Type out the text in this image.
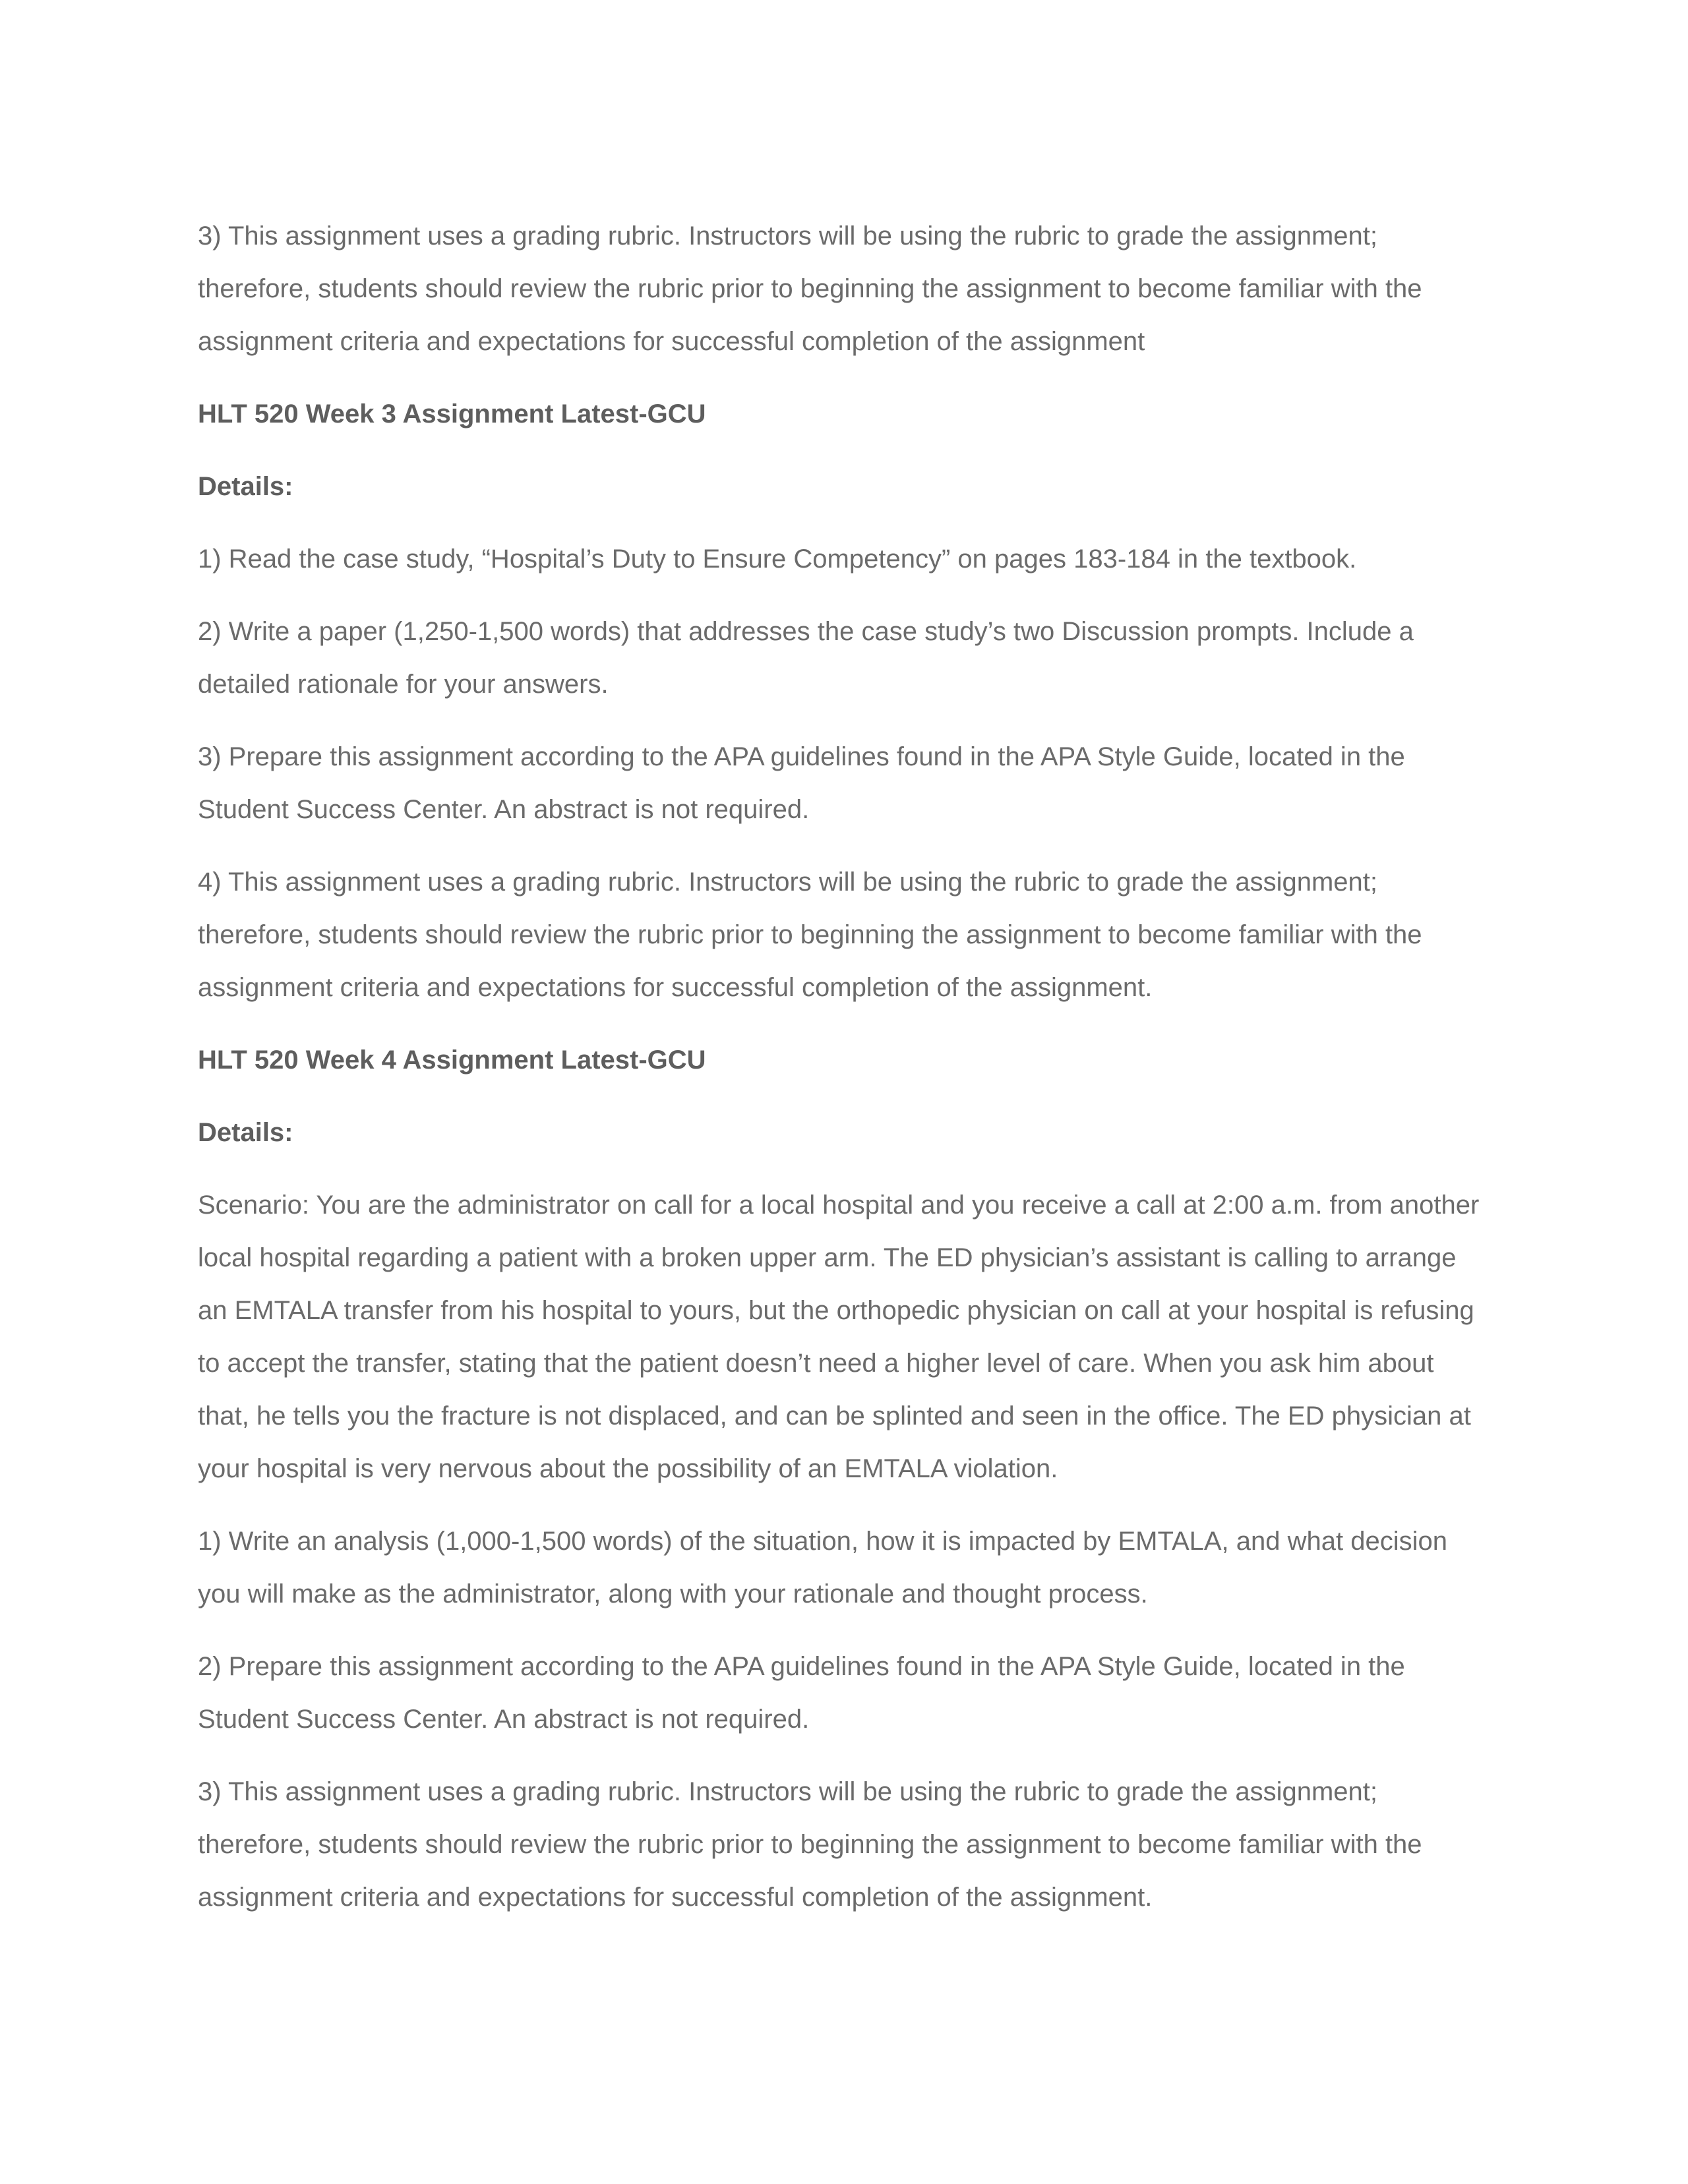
3) This assignment uses a grading rubric. Instructors will be using the rubric to grade the assignment; therefore, students should review the rubric prior to beginning the assignment to become familiar with the assignment criteria and expectations for successful completion of the assignment

HLT 520 Week 3 Assignment Latest-GCU

Details:

1) Read the case study, “Hospital’s Duty to Ensure Competency” on pages 183-184 in the textbook.

2) Write a paper (1,250-1,500 words) that addresses the case study’s two Discussion prompts. Include a detailed rationale for your answers.

3) Prepare this assignment according to the APA guidelines found in the APA Style Guide, located in the Student Success Center. An abstract is not required.

4) This assignment uses a grading rubric. Instructors will be using the rubric to grade the assignment; therefore, students should review the rubric prior to beginning the assignment to become familiar with the assignment criteria and expectations for successful completion of the assignment.

HLT 520 Week 4 Assignment Latest-GCU

Details:

Scenario: You are the administrator on call for a local hospital and you receive a call at 2:00 a.m. from another local hospital regarding a patient with a broken upper arm. The ED physician’s assistant is calling to arrange an EMTALA transfer from his hospital to yours, but the orthopedic physician on call at your hospital is refusing to accept the transfer, stating that the patient doesn’t need a higher level of care. When you ask him about that, he tells you the fracture is not displaced, and can be splinted and seen in the office. The ED physician at your hospital is very nervous about the possibility of an EMTALA violation.

1) Write an analysis (1,000-1,500 words) of the situation, how it is impacted by EMTALA, and what decision you will make as the administrator, along with your rationale and thought process.

2) Prepare this assignment according to the APA guidelines found in the APA Style Guide, located in the Student Success Center. An abstract is not required.

3) This assignment uses a grading rubric. Instructors will be using the rubric to grade the assignment; therefore, students should review the rubric prior to beginning the assignment to become familiar with the assignment criteria and expectations for successful completion of the assignment.
